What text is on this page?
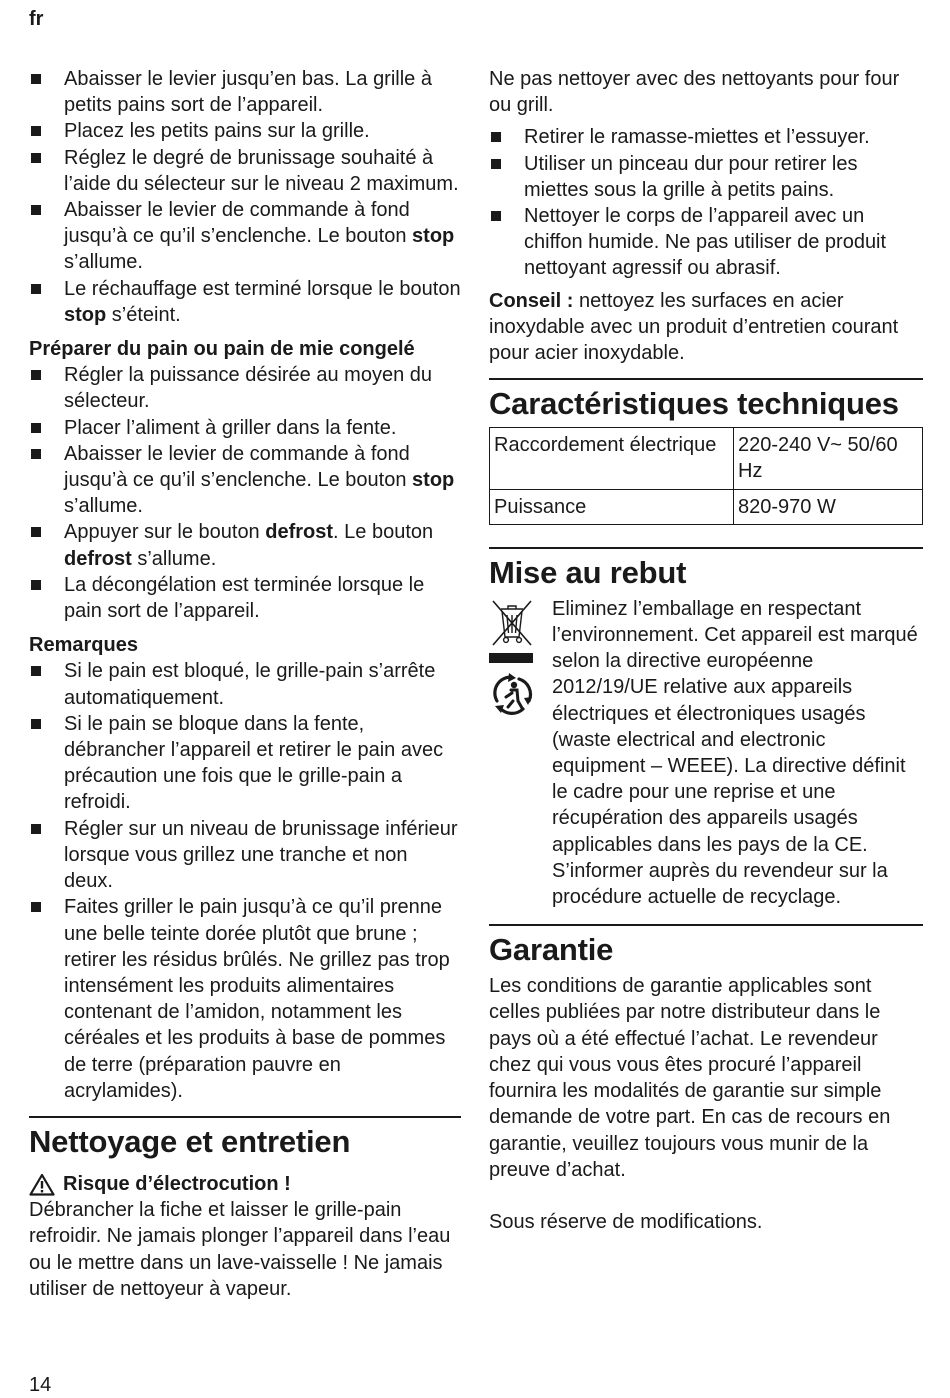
fr
Abaisser le levier jusqu’en bas. La grille à petits pains sort de l’appareil.
Placez les petits pains sur la grille.
Réglez le degré de brunissage souhaité à l’aide du sélecteur sur le niveau 2 maximum.
Abaisser le levier de commande à fond jusqu’à ce qu’il s’enclenche. Le bouton stop s’allume.
Le réchauffage est terminé lorsque le bouton stop s’éteint.
Préparer du pain ou pain de mie congelé
Régler la puissance désirée au moyen du sélecteur.
Placer l’aliment à griller dans la fente.
Abaisser le levier de commande à fond jusqu’à ce qu’il s’enclenche. Le bouton stop s’allume.
Appuyer sur le bouton defrost. Le bouton defrost s’allume.
La décongélation est terminée lorsque le pain sort de l’appareil.
Remarques
Si le pain est bloqué, le grille-pain s’arrête automatiquement.
Si le pain se bloque dans la fente, débrancher l’appareil et retirer le pain avec précaution une fois que le grille-pain a refroidi.
Régler sur un niveau de brunissage inférieur lorsque vous grillez une tranche et non deux.
Faites griller le pain jusqu’à ce qu’il prenne une belle teinte dorée plutôt que brune ; retirer les résidus brûlés. Ne grillez pas trop intensément les produits alimentaires contenant de l’amidon, notamment les céréales et les produits à base de pommes de terre (préparation pauvre en acrylamides).
Nettoyage et entretien
Risque d’électrocution !

Débrancher la fiche et laisser le grille-pain refroidir. Ne jamais plonger l’appareil dans l’eau ou le mettre dans un lave-vaisselle ! Ne jamais utiliser de nettoyeur à vapeur.

Ne pas nettoyer avec des nettoyants pour four ou grill.

Retirer le ramasse-miettes et l’essuyer.
Utiliser un pinceau dur pour retirer les miettes sous la grille à petits pains.
Nettoyer le corps de l’appareil avec un chiffon humide. Ne pas utiliser de produit nettoyant agressif ou abrasif.

Conseil : nettoyez les surfaces en acier inoxydable avec un produit d’entretien courant pour acier inoxydable.

Caractéristiques techniques
Raccordement électrique	220-240 V~ 50/60 Hz
Puissance	820-970 W
Mise au rebut

Eliminez l’emballage en respectant l’environnement. Cet appareil est marqué selon la directive européenne 2012/19/UE relative aux appareils électriques et électroniques usagés (waste electrical and electronic equipment – WEEE). La directive définit le cadre pour une reprise et une récupération des appareils usagés applicables dans les pays de la CE. S’informer auprès du revendeur sur la procédure actuelle de recyclage.

Garantie

Les conditions de garantie applicables sont celles publiées par notre distributeur dans le pays où a été effectué l’achat. Le revendeur chez qui vous vous êtes procuré l’appareil fournira les modalités de garantie sur simple demande de votre part. En cas de recours en garantie, veuillez toujours vous munir de la preuve d’achat.

Sous réserve de modifications.

14
